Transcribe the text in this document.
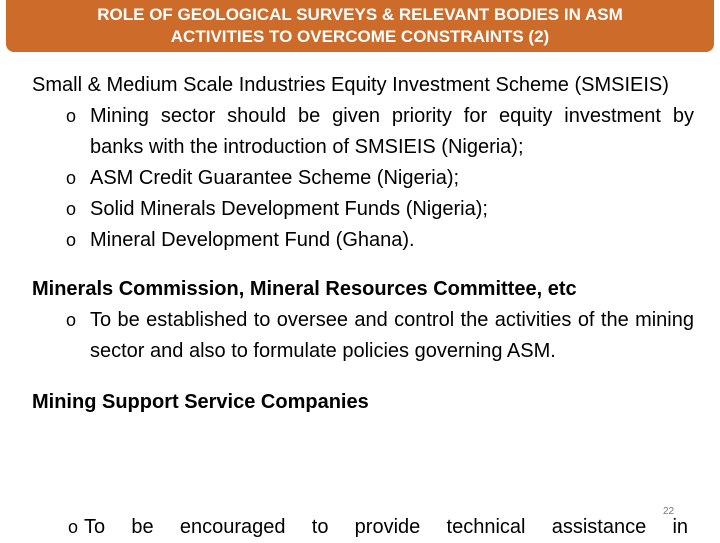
ROLE OF GEOLOGICAL SURVEYS & RELEVANT BODIES IN ASM
ACTIVITIES TO OVERCOME CONSTRAINTS (2)
Small & Medium Scale Industries Equity Investment Scheme (SMSIEIS)
o Mining sector should be given priority for equity investment by banks with the introduction of SMSIEIS (Nigeria);
o ASM Credit Guarantee Scheme (Nigeria);
o Solid Minerals Development Funds (Nigeria);
o Mineral Development Fund (Ghana).
Minerals Commission, Mineral Resources Committee, etc
o To be established to oversee and control the activities of the mining sector and also to formulate policies governing ASM.
Mining Support Service Companies
o To be encouraged to provide technical assistance in
22
